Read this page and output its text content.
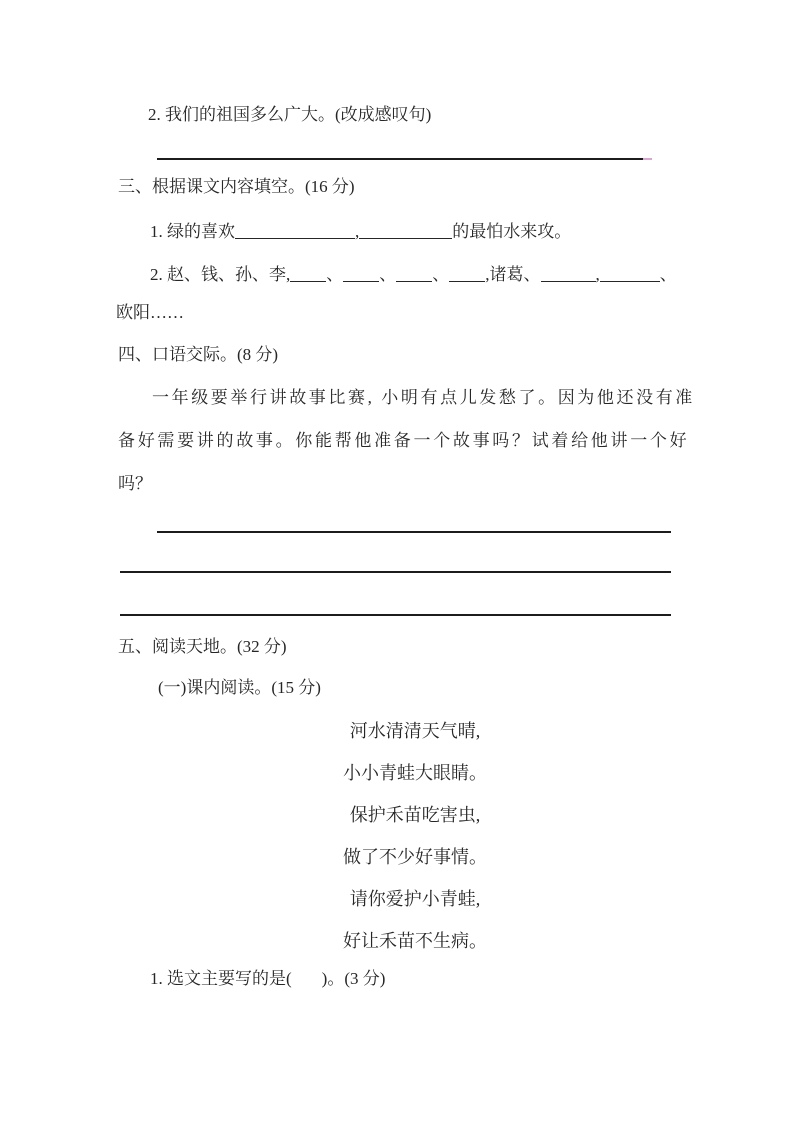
2. 我们的祖国多么广大。(改成感叹句)
三、根据课文内容填空。(16 分)
1. 绿的喜欢	,	的最怕水来攻。
2. 赵、钱、孙、李, 、 、 、 ,诸葛、	,	、
欧阳……
四、口语交际。(8 分)
一年级要举行讲故事比赛, 小明有点儿发愁了。因为他还没有准
备好需要讲的故事。你能帮他准备一个故事吗？试着给他讲一个好
吗？
五、阅读天地。(32 分)
(一)课内阅读。(15 分)
河水清清天气晴,
小小青蛙大眼睛。
保护禾苗吃害虫,
做了不少好事情。
请你爱护小青蛙,
好让禾苗不生病。
1. 选文主要写的是( )。(3 分)
